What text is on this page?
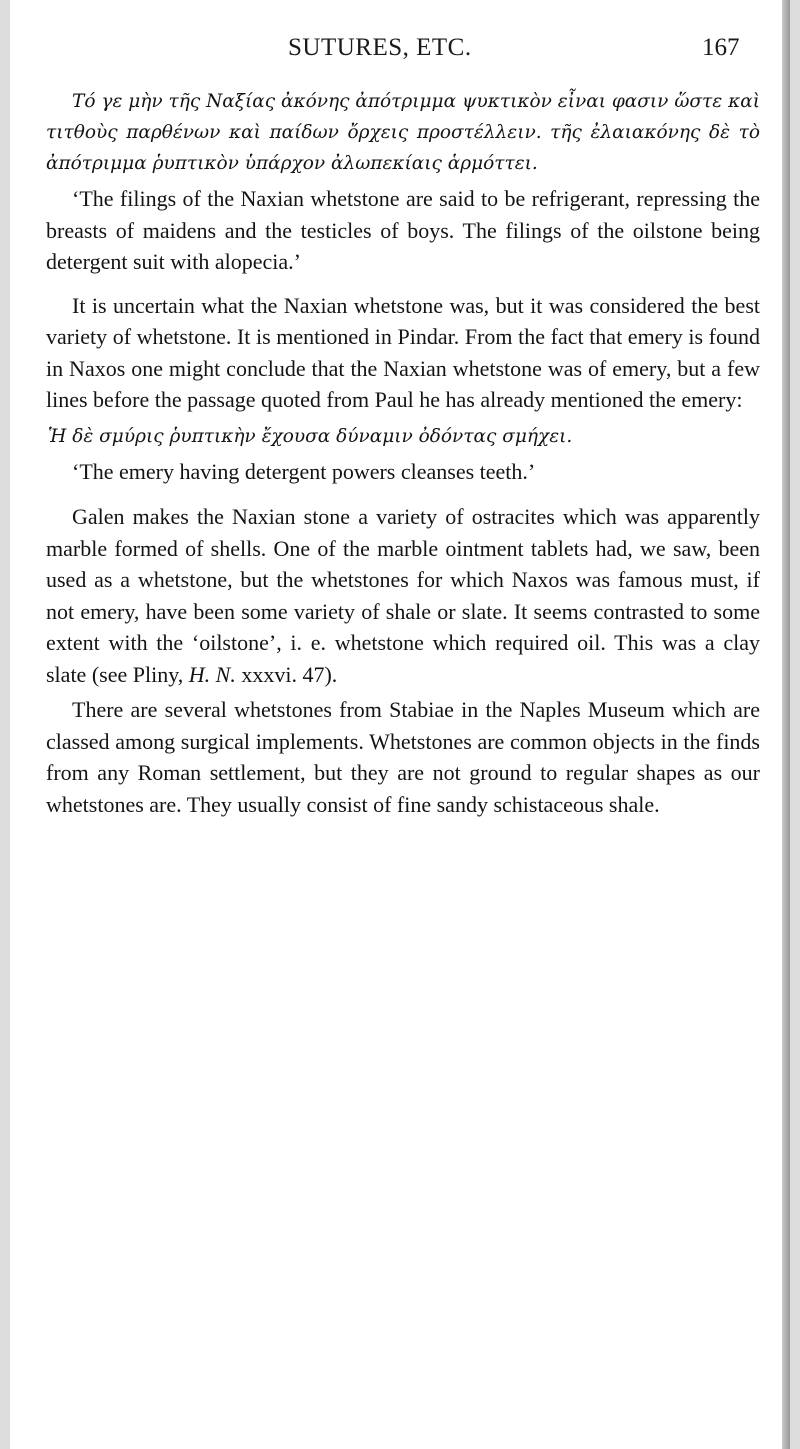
SUTURES, ETC.	167

Τό γε μὴν τῆς Ναξίας ἀκόνης ἀπότριμμα ψυκτικὸν εἶναι φασιν ὥστε καὶ τιτθοὺς παρθένων καὶ παίδων ὄρχεις προστέλλειν. τῆς ἐλαιακόνης δὲ τὸ ἀπότριμμα ῥυπτικὸν ὑπάρχον ἀλωπεκίαις ἁρμόττει.

‘The filings of the Naxian whetstone are said to be refrigerant, repressing the breasts of maidens and the testicles of boys. The filings of the oilstone being detergent suit with alopecia.’

It is uncertain what the Naxian whetstone was, but it was considered the best variety of whetstone. It is mentioned in Pindar. From the fact that emery is found in Naxos one might conclude that the Naxian whetstone was of emery, but a few lines before the passage quoted from Paul he has already mentioned the emery:

Ἡ δὲ σμύρις ῥυπτικὴν ἔχουσα δύναμιν ὀδόντας σμήχει.

‘The emery having detergent powers cleanses teeth.’

Galen makes the Naxian stone a variety of ostracites which was apparently marble formed of shells. One of the marble ointment tablets had, we saw, been used as a whetstone, but the whetstones for which Naxos was famous must, if not emery, have been some variety of shale or slate. It seems contrasted to some extent with the ‘oilstone’, i. e. whetstone which required oil. This was a clay slate (see Pliny, H. N. xxxvi. 47).

There are several whetstones from Stabiae in the Naples Museum which are classed among surgical implements. Whetstones are common objects in the finds from any Roman settlement, but they are not ground to regular shapes as our whetstones are. They usually consist of fine sandy schistaceous shale.
